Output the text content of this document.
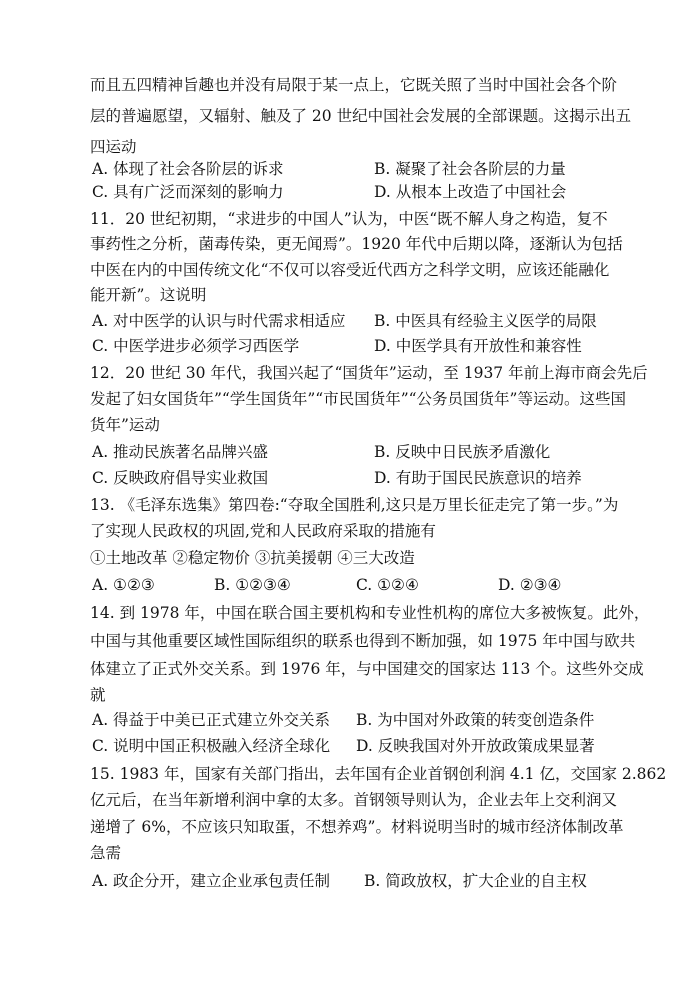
而且五四精神旨趣也并没有局限于某一点上，它既关照了当时中国社会各个阶
层的普遍愿望，又辐射、触及了 20 世纪中国社会发展的全部课题。这揭示出五
四运动
A. 体现了社会各阶层的诉求	B. 凝聚了社会各阶层的力量
C. 具有广泛而深刻的影响力	D. 从根本上改造了中国社会
11．20 世纪初期，“求进步的中国人”认为，中医“既不解人身之构造，复不
事药性之分析，菌毒传染，更无闻焉”。1920 年代中后期以降，逐渐认为包括
中医在内的中国传统文化“不仅可以容受近代西方之科学文明，应该还能融化
能开新”。这说明
A. 对中医学的认识与时代需求相适应 B. 中医具有经验主义医学的局限
C. 中医学进步必须学习西医学	D. 中医学具有开放性和兼容性
12．20 世纪 30 年代，我国兴起了“国货年”运动，至 1937 年前上海市商会先后
发起了妇女国货年”“学生国货年”“市民国货年”“公务员国货年”等运动。这些国
货年”运动
A. 推动民族著名品牌兴盛	B. 反映中日民族矛盾激化
C. 反映政府倡导实业救国	D. 有助于国民民族意识的培养
13. 《毛泽东选集》第四卷:“夺取全国胜利,这只是万里长征走完了第一步。”为
了实现人民政权的巩固,党和人民政府采取的措施有
①土地改革 ②稳定物价 ③抗美援朝 ④三大改造
A. ①②③	B. ①②③④	C. ①②④	D. ②③④
14. 到 1978 年，中国在联合国主要机构和专业性机构的席位大多被恢复。此外，
中国与其他重要区域性国际组织的联系也得到不断加强，如 1975 年中国与欧共
体建立了正式外交关系。到 1976 年，与中国建交的国家达 113 个。这些外交成
就
A. 得益于中美已正式建立外交关系 B. 为中国对外政策的转变创造条件
C. 说明中国正积极融入经济全球化 D. 反映我国对外开放政策成果显著
15. 1983 年，国家有关部门指出，去年国有企业首钢创利润 4.1 亿，交国家 2.862
亿元后，在当年新增利润中拿的太多。首钢领导则认为，企业去年上交利润又
递增了 6%，不应该只知取蛋，不想养鸡”。材料说明当时的城市经济体制改革
急需
A. 政企分开，建立企业承包责任制 B. 简政放权，扩大企业的自主权
